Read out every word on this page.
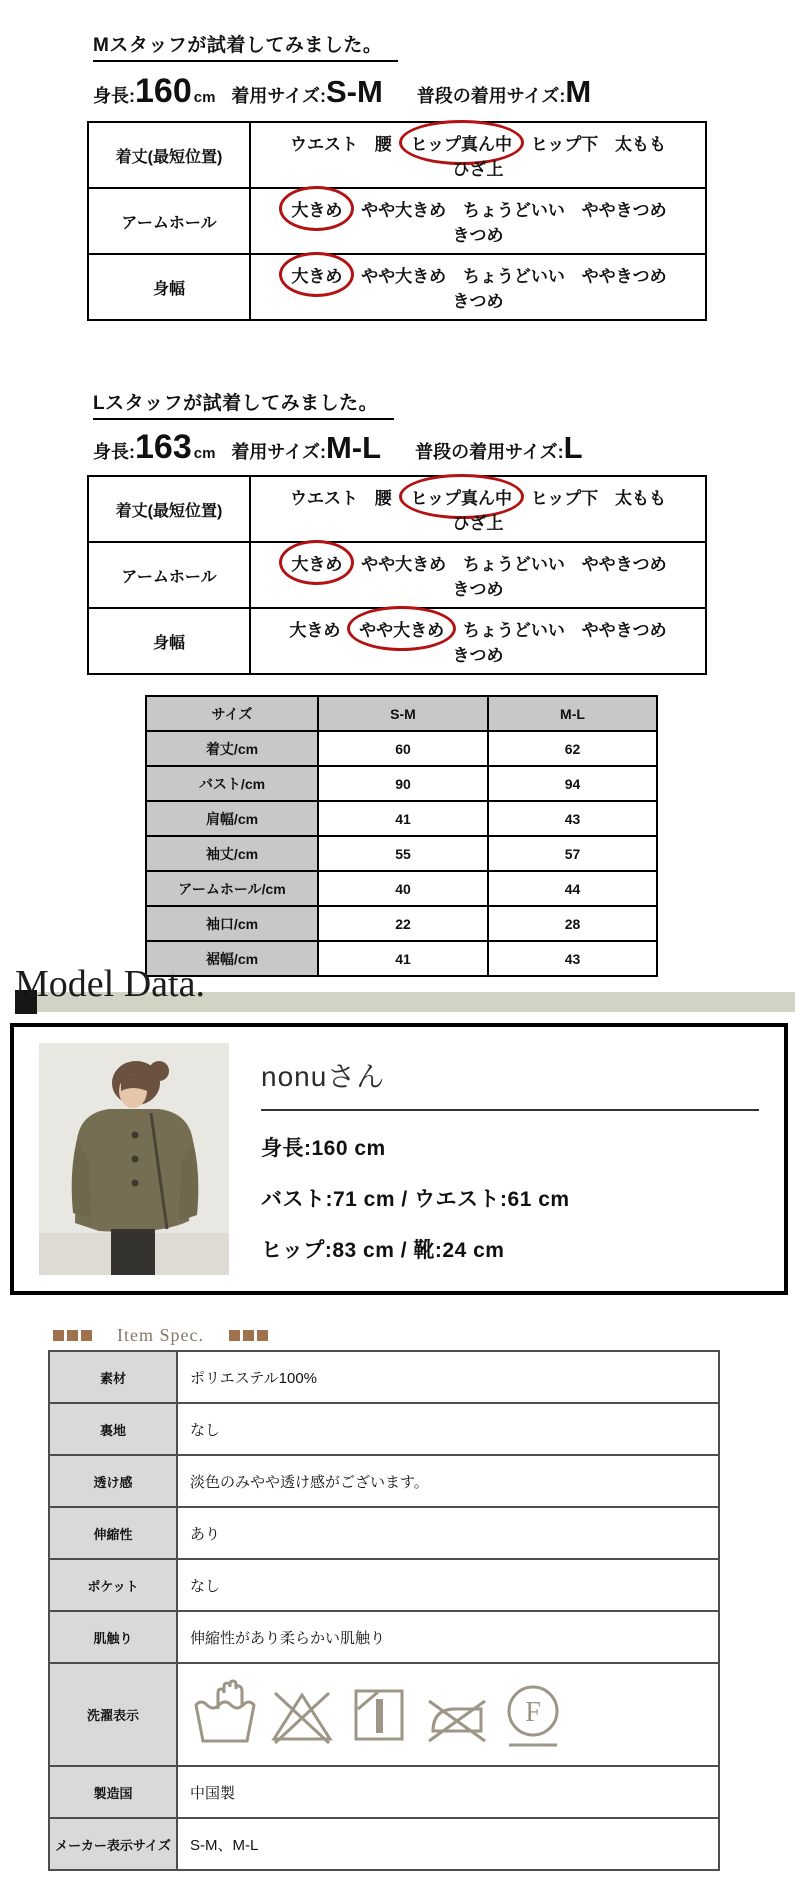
Mスタッフが試着してみました。
身長: 160 cm 着用サイズ: S-M 普段の着用サイズ: M
着丈(最短位置)	ウエスト 腰 ヒップ真ん中 ヒップ下 太もも ひざ上
アームホール	大きめ やや大きめ ちょうどいい ややきつめ きつめ
身幅	大きめ やや大きめ ちょうどいい ややきつめ きつめ
Lスタッフが試着してみました。
身長: 163 cm 着用サイズ: M-L 普段の着用サイズ: L
着丈(最短位置)	ウエスト 腰 ヒップ真ん中 ヒップ下 太もも ひざ上
アームホール	大きめ やや大きめ ちょうどいい ややきつめ きつめ
身幅	大きめ やや大きめ ちょうどいい ややきつめ きつめ
サイズ	S-M	M-L
着丈/cm	60	62
バスト/cm	90	94
肩幅/cm	41	43
袖丈/cm	55	57
アームホール/cm	40	44
袖口/cm	22	28
裾幅/cm	41	43
Model Data.
nonuさん
身長:160 cm
バスト:71 cm / ウエスト:61 cm
ヒップ:83 cm / 靴:24 cm
Item Spec.
素材	ポリエステル100%
裏地	なし
透け感	淡色のみやや透け感がございます。
伸縮性	あり
ポケット	なし
肌触り	伸縮性があり柔らかい肌触り
洗濯表示	F

製造国	中国製
メーカー表示サイズ	S-M、M-L
